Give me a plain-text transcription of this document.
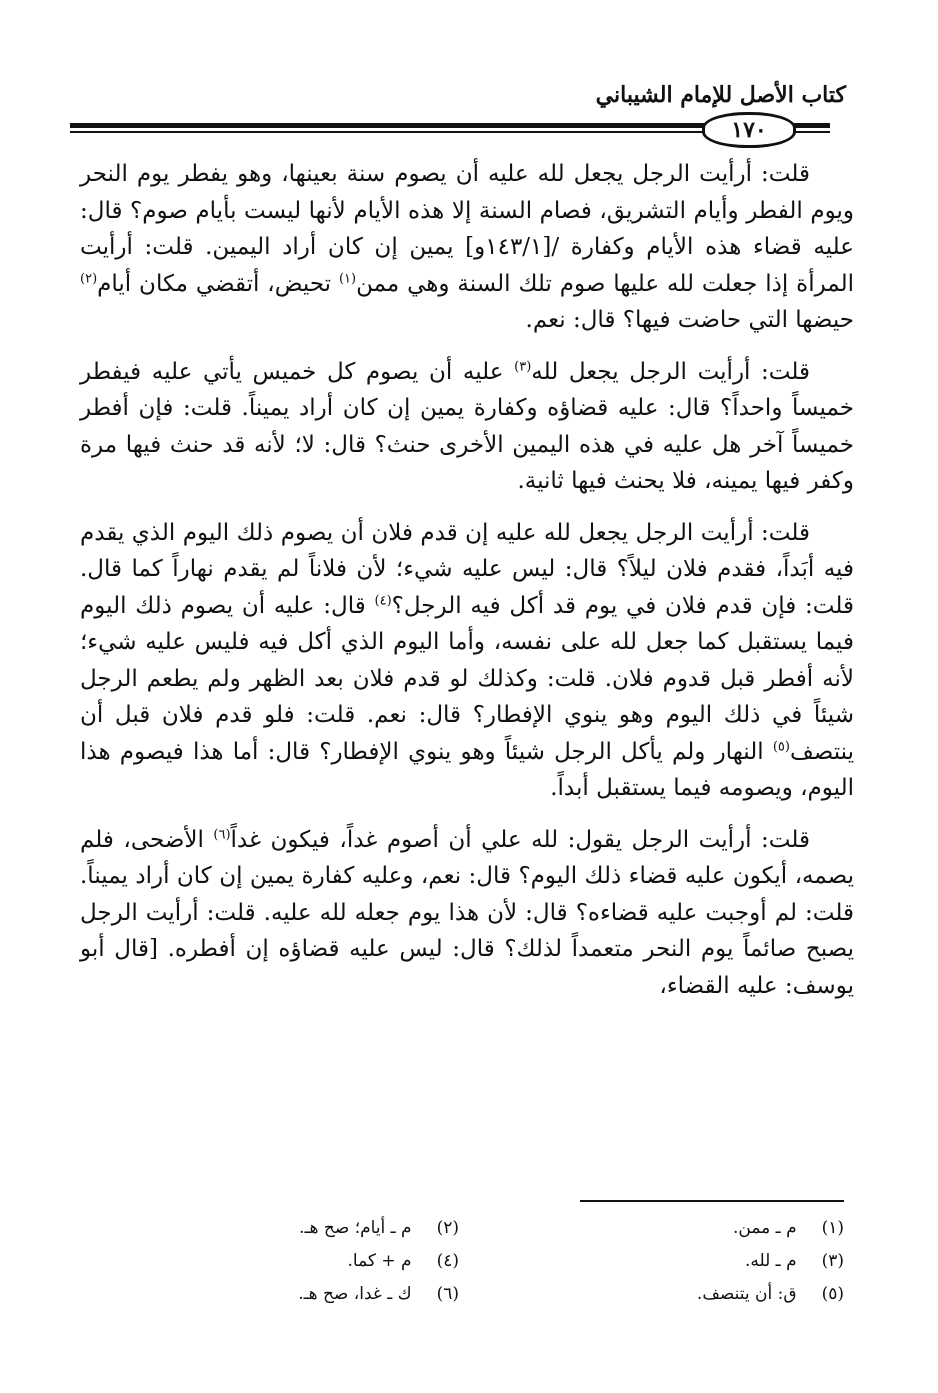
كتاب الأصل للإمام الشيباني
١٧٠

قلت: أرأيت الرجل يجعل لله عليه أن يصوم سنة بعينها، وهو يفطر يوم النحر ويوم الفطر وأيام التشريق، فصام السنة إلا هذه الأيام لأنها ليست بأيام صوم؟ قال: عليه قضاء هذه الأيام وكفارة /[١٤٣/١و] يمين إن كان أراد اليمين. قلت: أرأيت المرأة إذا جعلت لله عليها صوم تلك السنة وهي ممن$^{(١)}$ تحيض، أتقضي مكان أيام$^{(٢)}$ حيضها التي حاضت فيها؟ قال: نعم.

قلت: أرأيت الرجل يجعل لله$^{(٣)}$ عليه أن يصوم كل خميس يأتي عليه فيفطر خميساً واحداً؟ قال: عليه قضاؤه وكفارة يمين إن كان أراد يميناً. قلت: فإن أفطر خميساً آخر هل عليه في هذه اليمين الأخرى حنث؟ قال: لا؛ لأنه قد حنث فيها مرة وكفر فيها يمينه، فلا يحنث فيها ثانية.

قلت: أرأيت الرجل يجعل لله عليه إن قدم فلان أن يصوم ذلك اليوم الذي يقدم فيه أبَداً، فقدم فلان ليلاً؟ قال: ليس عليه شيء؛ لأن فلاناً لم يقدم نهاراً كما قال. قلت: فإن قدم فلان في يوم قد أكل فيه الرجل؟$^{(٤)}$ قال: عليه أن يصوم ذلك اليوم فيما يستقبل كما جعل لله على نفسه، وأما اليوم الذي أكل فيه فليس عليه شيء؛ لأنه أفطر قبل قدوم فلان. قلت: وكذلك لو قدم فلان بعد الظهر ولم يطعم الرجل شيئاً في ذلك اليوم وهو ينوي الإفطار؟ قال: نعم. قلت: فلو قدم فلان قبل أن ينتصف$^{(٥)}$ النهار ولم يأكل الرجل شيئاً وهو ينوي الإفطار؟ قال: أما هذا فيصوم هذا اليوم، ويصومه فيما يستقبل أبداً.

قلت: أرأيت الرجل يقول: لله علي أن أصوم غداً، فيكون غداً$^{(٦)}$ الأضحى، فلم يصمه، أيكون عليه قضاء ذلك اليوم؟ قال: نعم، وعليه كفارة يمين إن كان أراد يميناً. قلت: لم أوجبت عليه قضاءه؟ قال: لأن هذا يوم جعله لله عليه. قلت: أرأيت الرجل يصبح صائماً يوم النحر متعمداً لذلك؟ قال: ليس عليه قضاؤه إن أفطره. [قال أبو يوسف: عليه القضاء،

(١) م ـ ممن.
(٣) م ـ لله.
(٥) ق: أن يتنصف.
(٢) م ـ أيام؛ صح هـ.
(٤) م + كما.
(٦) ك ـ غدا، صح هـ.
